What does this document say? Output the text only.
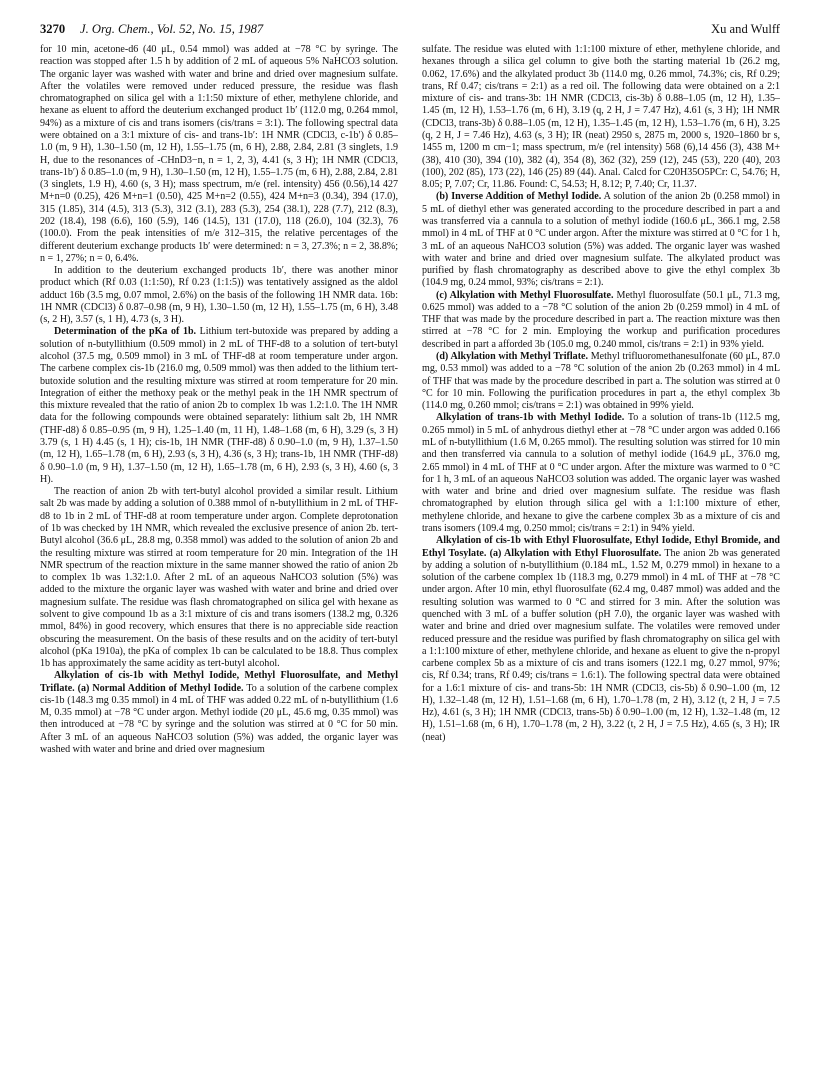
3270 J. Org. Chem., Vol. 52, No. 15, 1987	Xu and Wulff

for 10 min, acetone-d6 (40 μL, 0.54 mmol) was added at −78 °C by syringe. The reaction was stopped after 1.5 h by addition of 2 mL of aqueous 5% NaHCO3 solution. The organic layer was washed with water and brine and dried over magnesium sulfate. After the volatiles were removed under reduced pressure, the residue was flash chromatographed on silica gel with a 1:1:50 mixture of ether, methylene chloride, and hexane as eluent to afford the deuterium exchanged product 1b′ (112.0 mg, 0.264 mmol, 94%) as a mixture of cis and trans isomers (cis/trans = 3:1). The following spectral data were obtained on a 3:1 mixture of cis- and trans-1b′: 1H NMR (CDCl3, c-1b′) δ 0.85–1.0 (m, 9 H), 1.30–1.50 (m, 12 H), 1.55–1.75 (m, 6 H), 2.88, 2.84, 2.81 (3 singlets, 1.9 H, due to the resonances of -CHnD3−n, n = 1, 2, 3), 4.41 (s, 3 H); 1H NMR (CDCl3, trans-1b′) δ 0.85–1.0 (m, 9 H), 1.30–1.50 (m, 12 H), 1.55–1.75 (m, 6 H), 2.88, 2.84, 2.81 (3 singlets, 1.9 H), 4.60 (s, 3 H); mass spectrum, m/e (rel. intensity) 456 (0.56),14 427 M+n=0 (0.25), 426 M+n=1 (0.50), 425 M+n=2 (0.55), 424 M+n=3 (0.34), 394 (17.0), 315 (1.85), 314 (4.5), 313 (5.3), 312 (3.1), 283 (5.3), 254 (38.1), 228 (7.7), 212 (8.3), 202 (18.4), 198 (6.6), 160 (5.9), 146 (14.5), 131 (17.0), 118 (26.0), 104 (32.3), 76 (100.0). From the peak intensities of m/e 312–315, the relative percentages of the different deuterium exchange products 1b′ were determined: n = 3, 27.3%; n = 2, 38.8%; n = 1, 27%; n = 0, 6.4%.

In addition to the deuterium exchanged products 1b′, there was another minor product which (Rf 0.03 (1:1:50), Rf 0.23 (1:1:5)) was tentatively assigned as the aldol adduct 16b (3.5 mg, 0.07 mmol, 2.6%) on the basis of the following 1H NMR data. 16b: 1H NMR (CDCl3) δ 0.87–0.98 (m, 9 H), 1.30–1.50 (m, 12 H), 1.55–1.75 (m, 6 H), 3.48 (s, 2 H), 3.57 (s, 1 H), 4.73 (s, 3 H).

Determination of the pKa of 1b. Lithium tert-butoxide was prepared by adding a solution of n-butyllithium (0.509 mmol) in 2 mL of THF-d8 to a solution of tert-butyl alcohol (37.5 mg, 0.509 mmol) in 3 mL of THF-d8 at room temperature under argon. The carbene complex cis-1b (216.0 mg, 0.509 mmol) was then added to the lithium tert-butoxide solution and the resulting mixture was stirred at room temperature for 20 min. Integration of either the methoxy peak or the methyl peak in the 1H NMR spectrum of this mixture revealed that the ratio of anion 2b to complex 1b was 1.2:1.0. The 1H NMR data for the following compounds were obtained separately: lithium salt 2b, 1H NMR (THF-d8) δ 0.85–0.95 (m, 9 H), 1.25–1.40 (m, 11 H), 1.48–1.68 (m, 6 H), 3.29 (s, 3 H) 3.79 (s, 1 H) 4.45 (s, 1 H); cis-1b, 1H NMR (THF-d8) δ 0.90–1.0 (m, 9 H), 1.37–1.50 (m, 12 H), 1.65–1.78 (m, 6 H), 2.93 (s, 3 H), 4.36 (s, 3 H); trans-1b, 1H NMR (THF-d8) δ 0.90–1.0 (m, 9 H), 1.37–1.50 (m, 12 H), 1.65–1.78 (m, 6 H), 2.93 (s, 3 H), 4.60 (s, 3 H).

The reaction of anion 2b with tert-butyl alcohol provided a similar result. Lithium salt 2b was made by adding a solution of 0.388 mmol of n-butyllithium in 2 mL of THF-d8 to 1b in 2 mL of THF-d8 at room temperature under argon. Complete deprotonation of 1b was checked by 1H NMR, which revealed the exclusive presence of anion 2b. tert-Butyl alcohol (36.6 μL, 28.8 mg, 0.358 mmol) was added to the solution of anion 2b and the resulting mixture was stirred at room temperature for 20 min. Integration of the 1H NMR spectrum of the reaction mixture in the same manner showed the ratio of anion 2b to complex 1b was 1.32:1.0. After 2 mL of an aqueous NaHCO3 solution (5%) was added to the mixture the organic layer was washed with water and brine and dried over magnesium sulfate. The residue was flash chromatographed on silica gel with hexane as solvent to give compound 1b as a 3:1 mixture of cis and trans isomers (138.2 mg, 0.326 mmol, 84%) in good recovery, which ensures that there is no appreciable side reaction obscuring the measurement. On the basis of these results and on the acidity of tert-butyl alcohol (pKa 1910a), the pKa of complex 1b can be calculated to be 18.8. Thus complex 1b has approximately the same acidity as tert-butyl alcohol.

Alkylation of cis-1b with Methyl Iodide, Methyl Fluorosulfate, and Methyl Triflate. (a) Normal Addition of Methyl Iodide. To a solution of the carbene complex cis-1b (148.3 mg 0.35 mmol) in 4 mL of THF was added 0.22 mL of n-butyllithium (1.6 M, 0.35 mmol) at −78 °C under argon. Methyl iodide (20 μL, 45.6 mg, 0.35 mmol) was then introduced at −78 °C by syringe and the solution was stirred at 0 °C for 50 min. After 3 mL of an aqueous NaHCO3 solution (5%) was added, the organic layer was washed with water and brine and dried over magnesium

sulfate. The residue was eluted with 1:1:100 mixture of ether, methylene chloride, and hexanes through a silica gel column to give both the starting material 1b (26.2 mg, 0.062, 17.6%) and the alkylated product 3b (114.0 mg, 0.26 mmol, 74.3%; cis, Rf 0.29; trans, Rf 0.47; cis/trans = 2:1) as a red oil. The following data were obtained on a 2:1 mixture of cis- and trans-3b: 1H NMR (CDCl3, cis-3b) δ 0.88–1.05 (m, 12 H), 1.35–1.45 (m, 12 H), 1.53–1.76 (m, 6 H), 3.19 (q, 2 H, J = 7.47 Hz), 4.61 (s, 3 H); 1H NMR (CDCl3, trans-3b) δ 0.88–1.05 (m, 12 H), 1.35–1.45 (m, 12 H), 1.53–1.76 (m, 6 H), 3.25 (q, 2 H, J = 7.46 Hz), 4.63 (s, 3 H); IR (neat) 2950 s, 2875 m, 2000 s, 1920–1860 br s, 1455 m, 1200 m cm−1; mass spectrum, m/e (rel intensity) 568 (6),14 456 (3), 438 M+ (38), 410 (30), 394 (10), 382 (4), 354 (8), 362 (32), 259 (12), 245 (53), 220 (40), 203 (100), 202 (85), 173 (22), 146 (25) 89 (44). Anal. Calcd for C20H35O5PCr: C, 54.76; H, 8.05; P, 7.07; Cr, 11.86. Found: C, 54.53; H, 8.12; P, 7.40; Cr, 11.37.

(b) Inverse Addition of Methyl Iodide. A solution of the anion 2b (0.258 mmol) in 5 mL of diethyl ether was generated according to the procedure described in part a and was transferred via a cannula to a solution of methyl iodide (160.6 μL, 366.1 mg, 2.58 mmol) in 4 mL of THF at 0 °C under argon. After the mixture was stirred at 0 °C for 1 h, 3 mL of an aqueous NaHCO3 solution (5%) was added. The organic layer was washed with water and brine and dried over magnesium sulfate. The alkylated product was purified by flash chromatography as described above to give the ethyl complex 3b (104.9 mg, 0.24 mmol, 93%; cis/trans = 2:1).

(c) Alkylation with Methyl Fluorosulfate. Methyl fluorosulfate (50.1 μL, 71.3 mg, 0.625 mmol) was added to a −78 °C solution of the anion 2b (0.259 mmol) in 4 mL of THF that was made by the procedure described in part a. The reaction mixture was then stirred at −78 °C for 2 min. Employing the workup and purification procedures described in part a afforded 3b (105.0 mg, 0.240 mmol, cis/trans = 2:1) in 93% yield.

(d) Alkylation with Methyl Triflate. Methyl trifluoromethanesulfonate (60 μL, 87.0 mg, 0.53 mmol) was added to a −78 °C solution of the anion 2b (0.263 mmol) in 4 mL of THF that was made by the procedure described in part a. The solution was stirred at 0 °C for 10 min. Following the purification procedures in part a, the ethyl complex 3b (114.0 mg, 0.260 mmol; cis/trans = 2:1) was obtained in 99% yield.

Alkylation of trans-1b with Methyl Iodide. To a solution of trans-1b (112.5 mg, 0.265 mmol) in 5 mL of anhydrous diethyl ether at −78 °C under argon was added 0.166 mL of n-butyllithium (1.6 M, 0.265 mmol). The resulting solution was stirred for 10 min and then transferred via cannula to a solution of methyl iodide (164.9 μL, 376.0 mg, 2.65 mmol) in 4 mL of THF at 0 °C under argon. After the mixture was warmed to 0 °C for 1 h, 3 mL of an aqueous NaHCO3 solution was added. The organic layer was washed with water and brine and dried over magnesium sulfate. The residue was flash chromatographed by elution through silica gel with a 1:1:100 mixture of ether, methylene chloride, and hexane to give the carbene complex 3b as a mixture of cis and trans isomers (109.4 mg, 0.250 mmol; cis/trans = 2:1) in 94% yield.

Alkylation of cis-1b with Ethyl Fluorosulfate, Ethyl Iodide, Ethyl Bromide, and Ethyl Tosylate. (a) Alkylation with Ethyl Fluorosulfate. The anion 2b was generated by adding a solution of n-butyllithium (0.184 mL, 1.52 M, 0.279 mmol) in hexane to a solution of the carbene complex 1b (118.3 mg, 0.279 mmol) in 4 mL of THF at −78 °C under argon. After 10 min, ethyl fluorosulfate (62.4 mg, 0.487 mmol) was added and the resulting solution was warmed to 0 °C and stirred for 3 min. After the solution was quenched with 3 mL of a buffer solution (pH 7.0), the organic layer was washed with water and brine and dried over magnesium sulfate. The volatiles were removed under reduced pressure and the residue was purified by flash chromatography on silica gel with a 1:1:100 mixture of ether, methylene chloride, and hexane as eluent to give the n-propyl carbene complex 5b as a mixture of cis and trans isomers (122.1 mg, 0.27 mmol, 97%; cis, Rf 0.34; trans, Rf 0.49; cis/trans = 1.6:1). The following spectral data were obtained for a 1.6:1 mixture of cis- and trans-5b: 1H NMR (CDCl3, cis-5b) δ 0.90–1.00 (m, 12 H), 1.32–1.48 (m, 12 H), 1.51–1.68 (m, 6 H), 1.70–1.78 (m, 2 H), 3.12 (t, 2 H, J = 7.5 Hz), 4.61 (s, 3 H); 1H NMR (CDCl3, trans-5b) δ 0.90–1.00 (m, 12 H), 1.32–1.48 (m, 12 H), 1.51–1.68 (m, 6 H), 1.70–1.78 (m, 2 H), 3.22 (t, 2 H, J = 7.5 Hz), 4.65 (s, 3 H); IR (neat)
